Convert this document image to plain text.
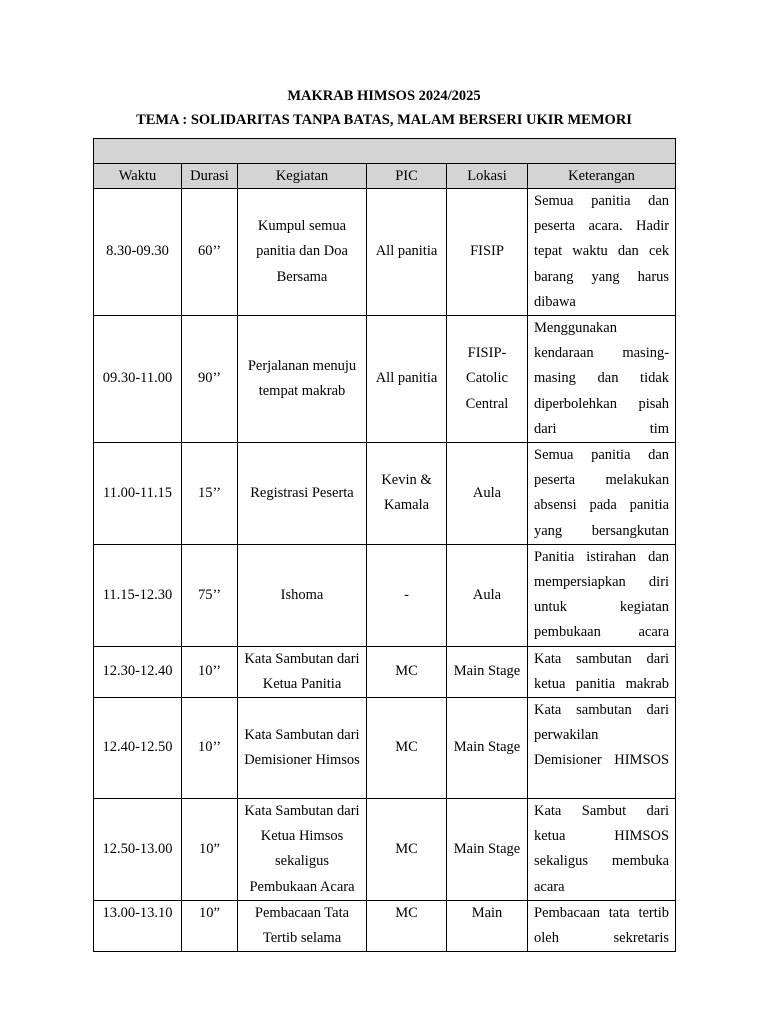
MAKRAB HIMSOS 2024/2025
TEMA : SOLIDARITAS TANPA BATAS, MALAM BERSERI UKIR MEMORI

Waktu	Durasi	Kegiatan	PIC	Lokasi	Keterangan
8.30-09.30	60’’	Kumpul semua panitia dan Doa Bersama	All panitia	FISIP	Semua panitia dan peserta acara. Hadir tepat waktu dan cek barang yang harus dibawa
09.30-11.00	90’’	Perjalanan menuju tempat makrab	All panitia	FISIP-Catolic Central	Menggunakan kendaraan masing-masing dan tidak diperbolehkan pisah dari tim
11.00-11.15	15’’	Registrasi Peserta	Kevin & Kamala	Aula	Semua panitia dan peserta melakukan absensi pada panitia yang bersangkutan
11.15-12.30	75’’	Ishoma	-	Aula	Panitia istirahan dan mempersiapkan diri untuk kegiatan pembukaan acara
12.30-12.40	10’’	Kata Sambutan dari Ketua Panitia	MC	Main Stage	Kata sambutan dari ketua panitia makrab
12.40-12.50	10’’	Kata Sambutan dari Demisioner Himsos	MC	Main Stage	Kata sambutan dari perwakilan Demisioner HIMSOS
12.50-13.00	10”	Kata Sambutan dari Ketua Himsos sekaligus Pembukaan Acara	MC	Main Stage	Kata Sambut dari ketua HIMSOS sekaligus membuka acara
13.00-13.10	10”	Pembacaan Tata Tertib selama	MC	Main	Pembacaan tata tertib oleh sekretaris
